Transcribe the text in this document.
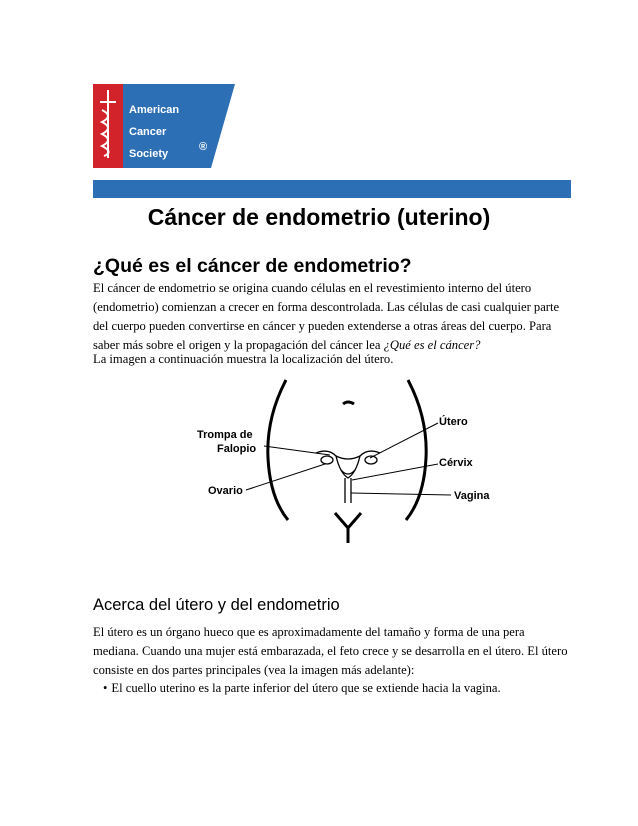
American
Cancer
Society
®
Cáncer de endometrio (uterino)
¿Qué es el cáncer de endometrio?

El cáncer de endometrio se origina cuando células en el revestimiento interno del útero (endometrio) comienzan a crecer en forma descontrolada. Las células de casi cualquier parte del cuerpo pueden convertirse en cáncer y pueden extenderse a otras áreas del cuerpo. Para saber más sobre el origen y la propagación del cáncer lea ¿Qué es el cáncer?

La imagen a continuación muestra la localización del útero.

Trompa de
Falopio
Ovario
Útero
Cérvix
Vagina
Acerca del útero y del endometrio

El útero es un órgano hueco que es aproximadamente del tamaño y forma de una pera mediana. Cuando una mujer está embarazada, el feto crece y se desarrolla en el útero. El útero consiste en dos partes principales (vea la imagen más adelante):

• El cuello uterino es la parte inferior del útero que se extiende hacia la vagina.
